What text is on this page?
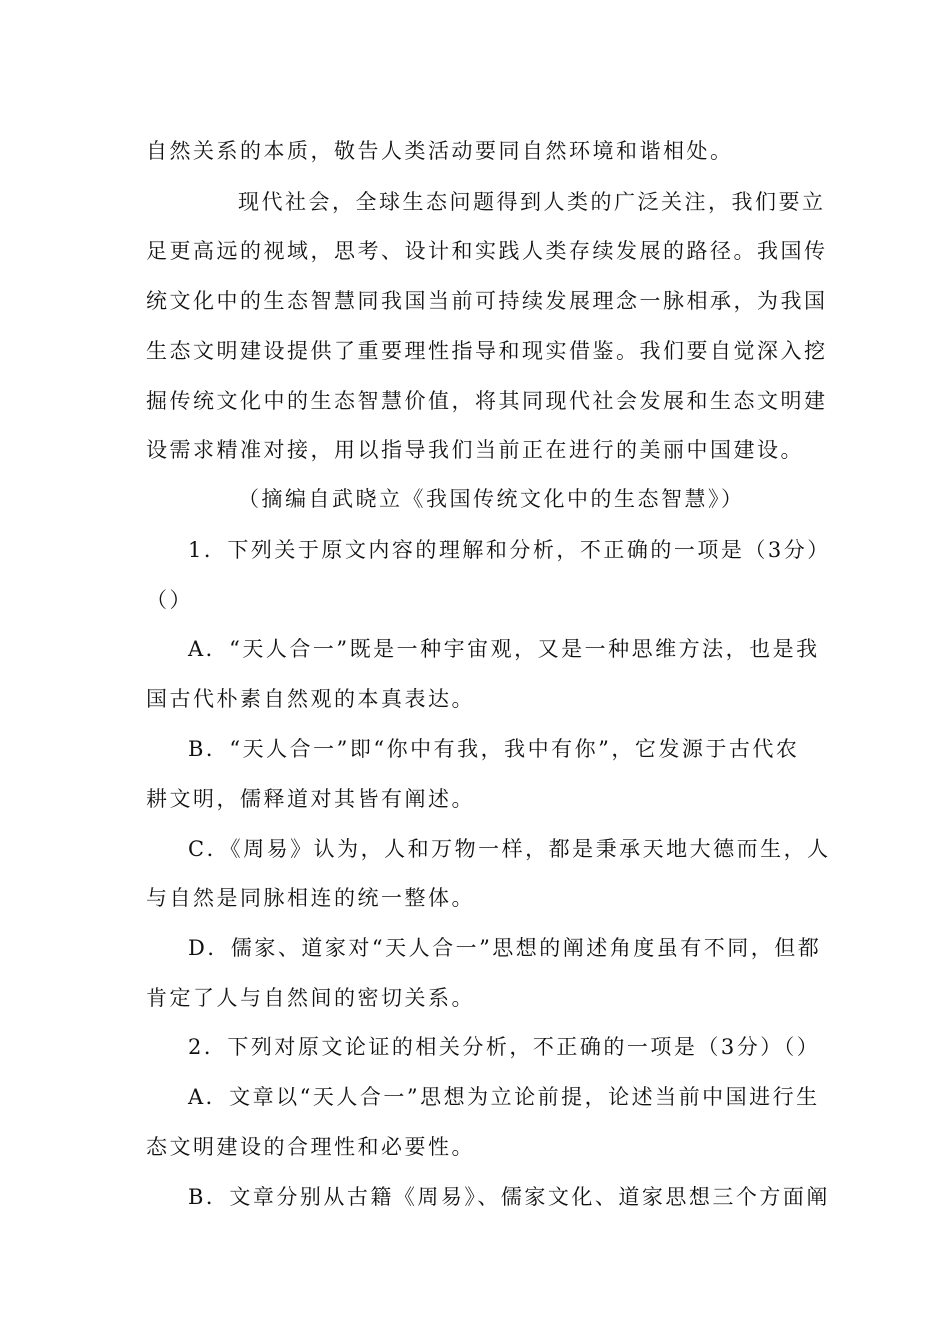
自然关系的本质，敬告人类活动要同自然环境和谐相处。
现代社会，全球生态问题得到人类的广泛关注，我们要立
足更高远的视域，思考、设计和实践人类存续发展的路径。我国传
统文化中的生态智慧同我国当前可持续发展理念一脉相承，为我国
生态文明建设提供了重要理性指导和现实借鉴。我们要自觉深入挖
掘传统文化中的生态智慧价值，将其同现代社会发展和生态文明建
设需求精准对接，用以指导我们当前正在进行的美丽中国建设。
（摘编自武晓立《我国传统文化中的生态智慧》）
1．下列关于原文内容的理解和分析，不正确的一项是（3分）
（）
A．“天人合一”既是一种宇宙观，又是一种思维方法，也是我
国古代朴素自然观的本真表达。
B．“天人合一”即“你中有我，我中有你”，它发源于古代农
耕文明，儒释道对其皆有阐述。
C．《周易》认为，人和万物一样，都是秉承天地大德而生，人
与自然是同脉相连的统一整体。
D．儒家、道家对“天人合一”思想的阐述角度虽有不同，但都
肯定了人与自然间的密切关系。
2．下列对原文论证的相关分析，不正确的一项是（3分）（）
A．文章以“天人合一”思想为立论前提，论述当前中国进行生
态文明建设的合理性和必要性。
B．文章分别从古籍《周易》、儒家文化、道家思想三个方面阐
